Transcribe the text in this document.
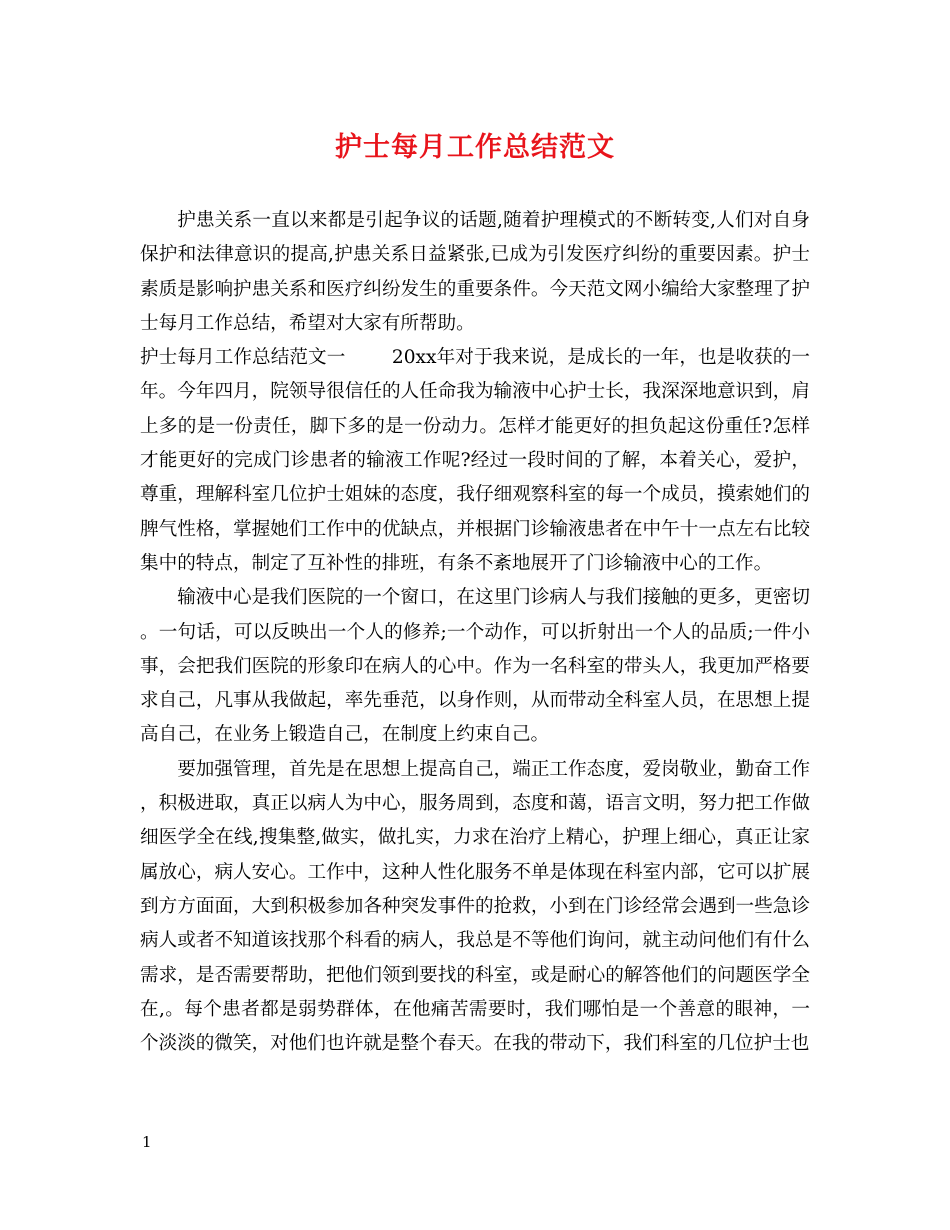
护士每月工作总结范文

护患关系一直以来都是引起争议的话题,随着护理模式的不断转变,人们对自身保护和法律意识的提高,护患关系日益紧张,已成为引发医疗纠纷的重要因素。护士素质是影响护患关系和医疗纠纷发生的重要条件。今天范文网小编给大家整理了护士每月工作总结，希望对大家有所帮助。

护士每月工作总结范文一    20xx年对于我来说，是成长的一年，也是收获的一年。今年四月，院领导很信任的人任命我为输液中心护士长，我深深地意识到，肩上多的是一份责任，脚下多的是一份动力。怎样才能更好的担负起这份重任?怎样才能更好的完成门诊患者的输液工作呢?经过一段时间的了解，本着关心，爱护，尊重，理解科室几位护士姐妹的态度，我仔细观察科室的每一个成员，摸索她们的脾气性格，掌握她们工作中的优缺点，并根据门诊输液患者在中午十一点左右比较集中的特点，制定了互补性的排班，有条不紊地展开了门诊输液中心的工作。

输液中心是我们医院的一个窗口，在这里门诊病人与我们接触的更多，更密切。一句话，可以反映出一个人的修养;一个动作，可以折射出一个人的品质;一件小事，会把我们医院的形象印在病人的心中。作为一名科室的带头人，我更加严格要求自己，凡事从我做起，率先垂范，以身作则，从而带动全科室人员，在思想上提高自己，在业务上锻造自己，在制度上约束自己。

要加强管理，首先是在思想上提高自己，端正工作态度，爱岗敬业，勤奋工作，积极进取，真正以病人为中心，服务周到，态度和蔼，语言文明，努力把工作做细医学全在线,搜集整,做实，做扎实，力求在治疗上精心，护理上细心，真正让家属放心，病人安心。工作中，这种人性化服务不单是体现在科室内部，它可以扩展到方方面面，大到积极参加各种突发事件的抢救，小到在门诊经常会遇到一些急诊病人或者不知道该找那个科看的病人，我总是不等他们询问，就主动问他们有什么需求，是否需要帮助，把他们领到要找的科室，或是耐心的解答他们的问题医学全在,。每个患者都是弱势群体，在他痛苦需要时，我们哪怕是一个善意的眼神，一个淡淡的微笑，对他们也许就是整个春天。在我的带动下，我们科室的几位护士也

1
